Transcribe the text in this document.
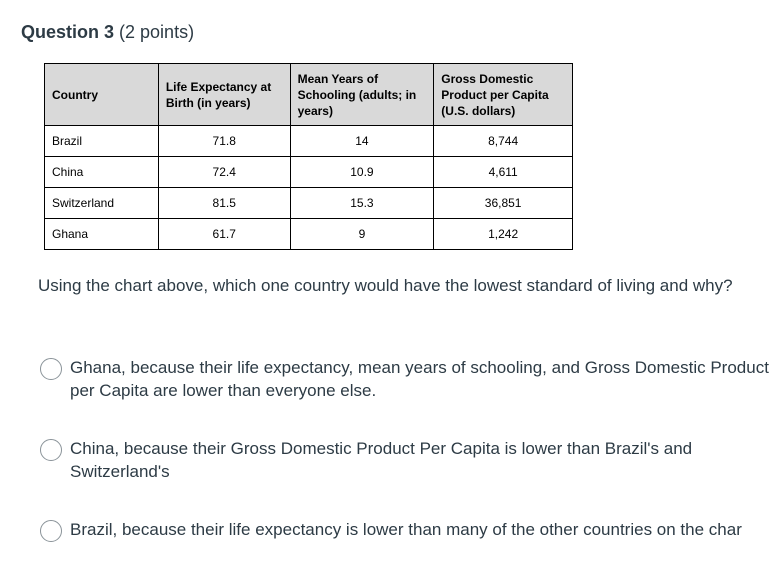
Question 3 (2 points)
Country	Life Expectancy at Birth (in years)	Mean Years of Schooling (adults; in years)	Gross Domestic Product per Capita (U.S. dollars)
Brazil	71.8	14	8,744
China	72.4	10.9	4,611
Switzerland	81.5	15.3	36,851
Ghana	61.7	9	1,242
Using the chart above, which one country would have the lowest standard of living and why?
Ghana, because their life expectancy, mean years of schooling, and Gross Domestic Product per Capita are lower than everyone else.
China, because their Gross Domestic Product Per Capita is lower than Brazil's and Switzerland's
Brazil, because their life expectancy is lower than many of the other countries on the char
